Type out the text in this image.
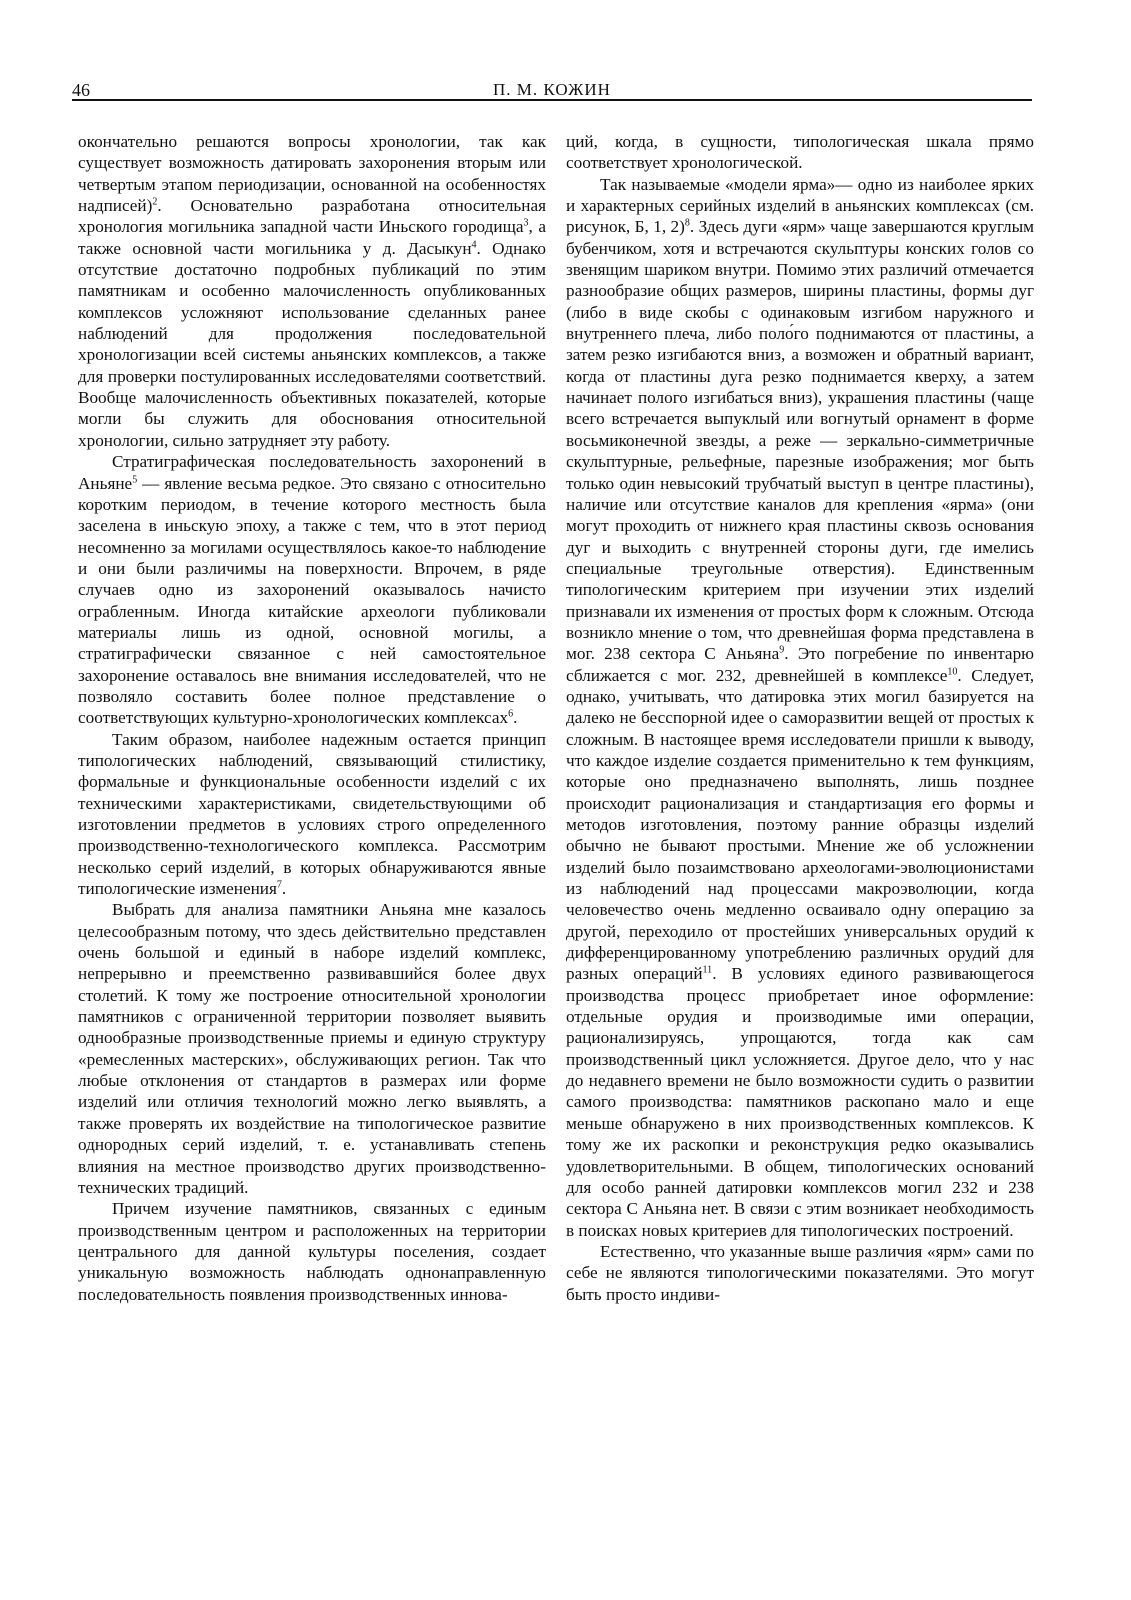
46	П. М. КОЖИН

окончательно решаются вопросы хронологии, так как существует возможность датировать захоронения вторым или четвертым этапом периодизации, основанной на особенностях надписей)$^2$. Основательно разработана относительная хронология могильника западной части Иньского городища$^3$, а также основной части могильника у д. Дасыкун$^4$. Однако отсутствие достаточно подробных публикаций по этим памятникам и особенно малочисленность опубликованных комплексов усложняют использование сделанных ранее наблюдений для продолжения последовательной хронологизации всей системы аньянских комплексов, а также для проверки постулированных исследователями соответствий. Вообще малочисленность объективных показателей, которые могли бы служить для обоснования относительной хронологии, сильно затрудняет эту работу.

Стратиграфическая последовательность захоронений в Аньяне$^5$ — явление весьма редкое. Это связано с относительно коротким периодом, в течение которого местность была заселена в иньскую эпоху, а также с тем, что в этот период несомненно за могилами осуществлялось какое-то наблюдение и они были различимы на поверхности. Впрочем, в ряде случаев одно из захоронений оказывалось начисто ограбленным. Иногда китайские археологи публиковали материалы лишь из одной, основной могилы, а стратиграфически связанное с ней самостоятельное захоронение оставалось вне внимания исследователей, что не позволяло составить более полное представление о соответствующих культурно-хронологических комплексах$^6$.

Таким образом, наиболее надежным остается принцип типологических наблюдений, связывающий стилистику, формальные и функциональные особенности изделий с их техническими характеристиками, свидетельствующими об изготовлении предметов в условиях строго определенного производственно-технологического комплекса. Рассмотрим несколько серий изделий, в которых обнаруживаются явные типологические изменения$^7$.

Выбрать для анализа памятники Аньяна мне казалось целесообразным потому, что здесь действительно представлен очень большой и единый в наборе изделий комплекс, непрерывно и преемственно развивавшийся более двух столетий. К тому же построение относительной хронологии памятников с ограниченной территории позволяет выявить однообразные производственные приемы и единую структуру «ремесленных мастерских», обслуживающих регион. Так что любые отклонения от стандартов в размерах или форме изделий или отличия технологий можно легко выявлять, а также проверять их воздействие на типологическое развитие однородных серий изделий, т. е. устанавливать степень влияния на местное производство других производственно-технических традиций.

Причем изучение памятников, связанных с единым производственным центром и расположенных на территории центрального для данной культуры поселения, создает уникальную возможность наблюдать однонаправленную последовательность появления производственных иннова-

ций, когда, в сущности, типологическая шкала прямо соответствует хронологической.

Так называемые «модели ярма»— одно из наиболее ярких и характерных серийных изделий в аньянских комплексах (см. рисунок, Б, 1, 2)$^8$. Здесь дуги «ярм» чаще завершаются круглым бубенчиком, хотя и встречаются скульптуры конских голов со звенящим шариком внутри. Помимо этих различий отмечается разнообразие общих размеров, ширины пластины, формы дуг (либо в виде скобы с одинаковым изгибом наружного и внутреннего плеча, либо поло́го поднимаются от пластины, а затем резко изгибаются вниз, а возможен и обратный вариант, когда от пластины дуга резко поднимается кверху, а затем начинает полого изгибаться вниз), украшения пластины (чаще всего встречается выпуклый или вогнутый орнамент в форме восьмиконечной звезды, а реже — зеркально-симметричные скульптурные, рельефные, парезные изображения; мог быть только один невысокий трубчатый выступ в центре пластины), наличие или отсутствие каналов для крепления «ярма» (они могут проходить от нижнего края пластины сквозь основания дуг и выходить с внутренней стороны дуги, где имелись специальные треугольные отверстия). Единственным типологическим критерием при изучении этих изделий признавали их изменения от простых форм к сложным. Отсюда возникло мнение о том, что древнейшая форма представлена в мог. 238 сектора С Аньяна$^9$. Это погребение по инвентарю сближается с мог. 232, древнейшей в комплексе$^{10}$. Следует, однако, учитывать, что датировка этих могил базируется на далеко не бесспорной идее о саморазвитии вещей от простых к сложным. В настоящее время исследователи пришли к выводу, что каждое изделие создается применительно к тем функциям, которые оно предназначено выполнять, лишь позднее происходит рационализация и стандартизация его формы и методов изготовления, поэтому ранние образцы изделий обычно не бывают простыми. Мнение же об усложнении изделий было позаимствовано археологами-эволюционистами из наблюдений над процессами макроэволюции, когда человечество очень медленно осваивало одну операцию за другой, переходило от простейших универсальных орудий к дифференцированному употреблению различных орудий для разных операций$^{11}$. В условиях единого развивающегося производства процесс приобретает иное оформление: отдельные орудия и производимые ими операции, рационализируясь, упрощаются, тогда как сам производственный цикл усложняется. Другое дело, что у нас до недавнего времени не было возможности судить о развитии самого производства: памятников раскопано мало и еще меньше обнаружено в них производственных комплексов. К тому же их раскопки и реконструкция редко оказывались удовлетворительными. В общем, типологических оснований для особо ранней датировки комплексов могил 232 и 238 сектора С Аньяна нет. В связи с этим возникает необходимость в поисках новых критериев для типологических построений.

Естественно, что указанные выше различия «ярм» сами по себе не являются типологическими показателями. Это могут быть просто индиви-
